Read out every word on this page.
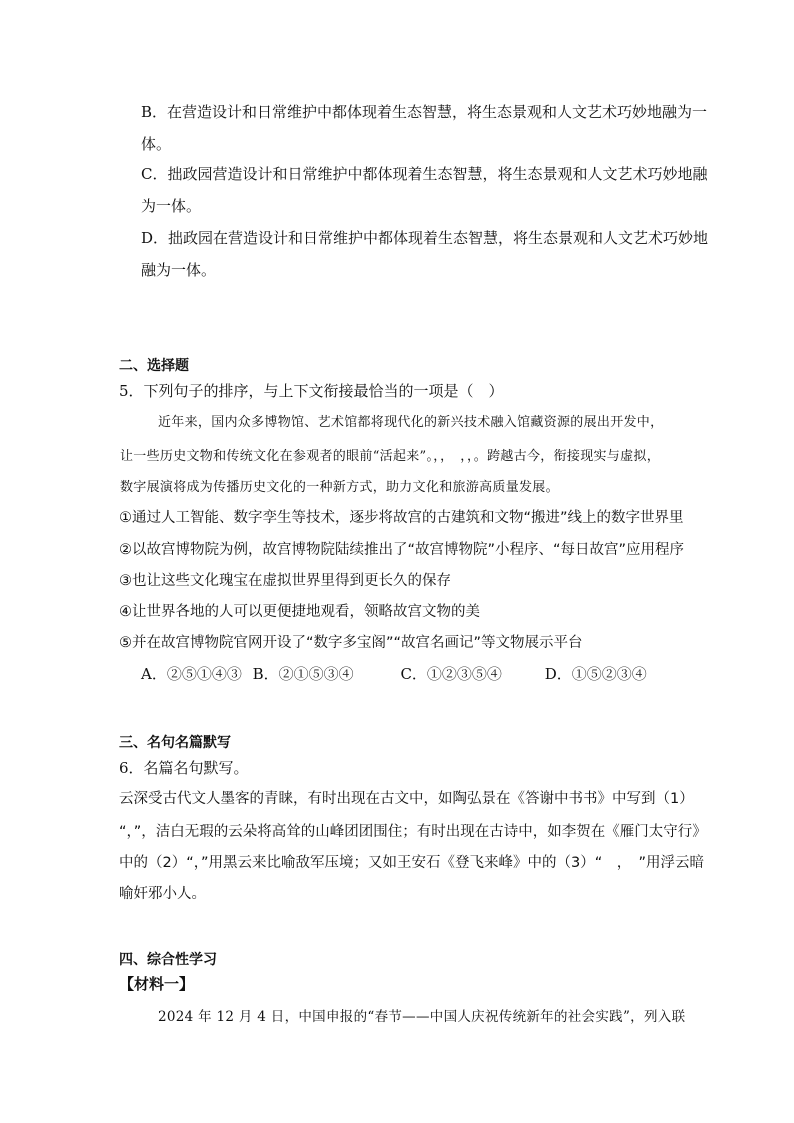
B．在营造设计和日常维护中都体现着生态智慧，将生态景观和人文艺术巧妙地融为一
体。
C．拙政园营造设计和日常维护中都体现着生态智慧，将生态景观和人文艺术巧妙地融
为一体。
D．拙政园在营造设计和日常维护中都体现着生态智慧，将生态景观和人文艺术巧妙地
融为一体。
二、选择题
5．下列句子的排序，与上下文衔接最恰当的一项是（　）
近年来，国内众多博物馆、艺术馆都将现代化的新兴技术融入馆藏资源的展出开发中，
让一些历史文物和传统文化在参观者的眼前“活起来”。，，　，，。跨越古今，衔接现实与虚拟，
数字展演将成为传播历史文化的一种新方式，助力文化和旅游高质量发展。
①通过人工智能、数字孪生等技术，逐步将故宫的古建筑和文物“搬进”线上的数字世界里
②以故宫博物院为例，故宫博物院陆续推出了“故宫博物院”小程序、“每日故宫”应用程序
③也让这些文化瑰宝在虚拟世界里得到更长久的保存
④让世界各地的人可以更便捷地观看，领略故宫文物的美
⑤并在故宫博物院官网开设了“数字多宝阁”“故宫名画记”等文物展示平台
A．②⑤①④③ B．②①⑤③④	C．①②③⑤④	D．①⑤②③④
三、名句名篇默写
6．名篇名句默写。
云深受古代文人墨客的青睐，有时出现在古文中，如陶弘景在《答谢中书书》中写到（1）
“，”，洁白无瑕的云朵将高耸的山峰团团围住；有时出现在古诗中，如李贺在《雁门太守行》
中的（2）“，”用黑云来比喻敌军压境；又如王安石《登飞来峰》中的（3）“　，　”用浮云暗
喻奸邪小人。
四、综合性学习
【材料一】
2024 年 12 月 4 日，中国申报的“春节——中国人庆祝传统新年的社会实践”，列入联
